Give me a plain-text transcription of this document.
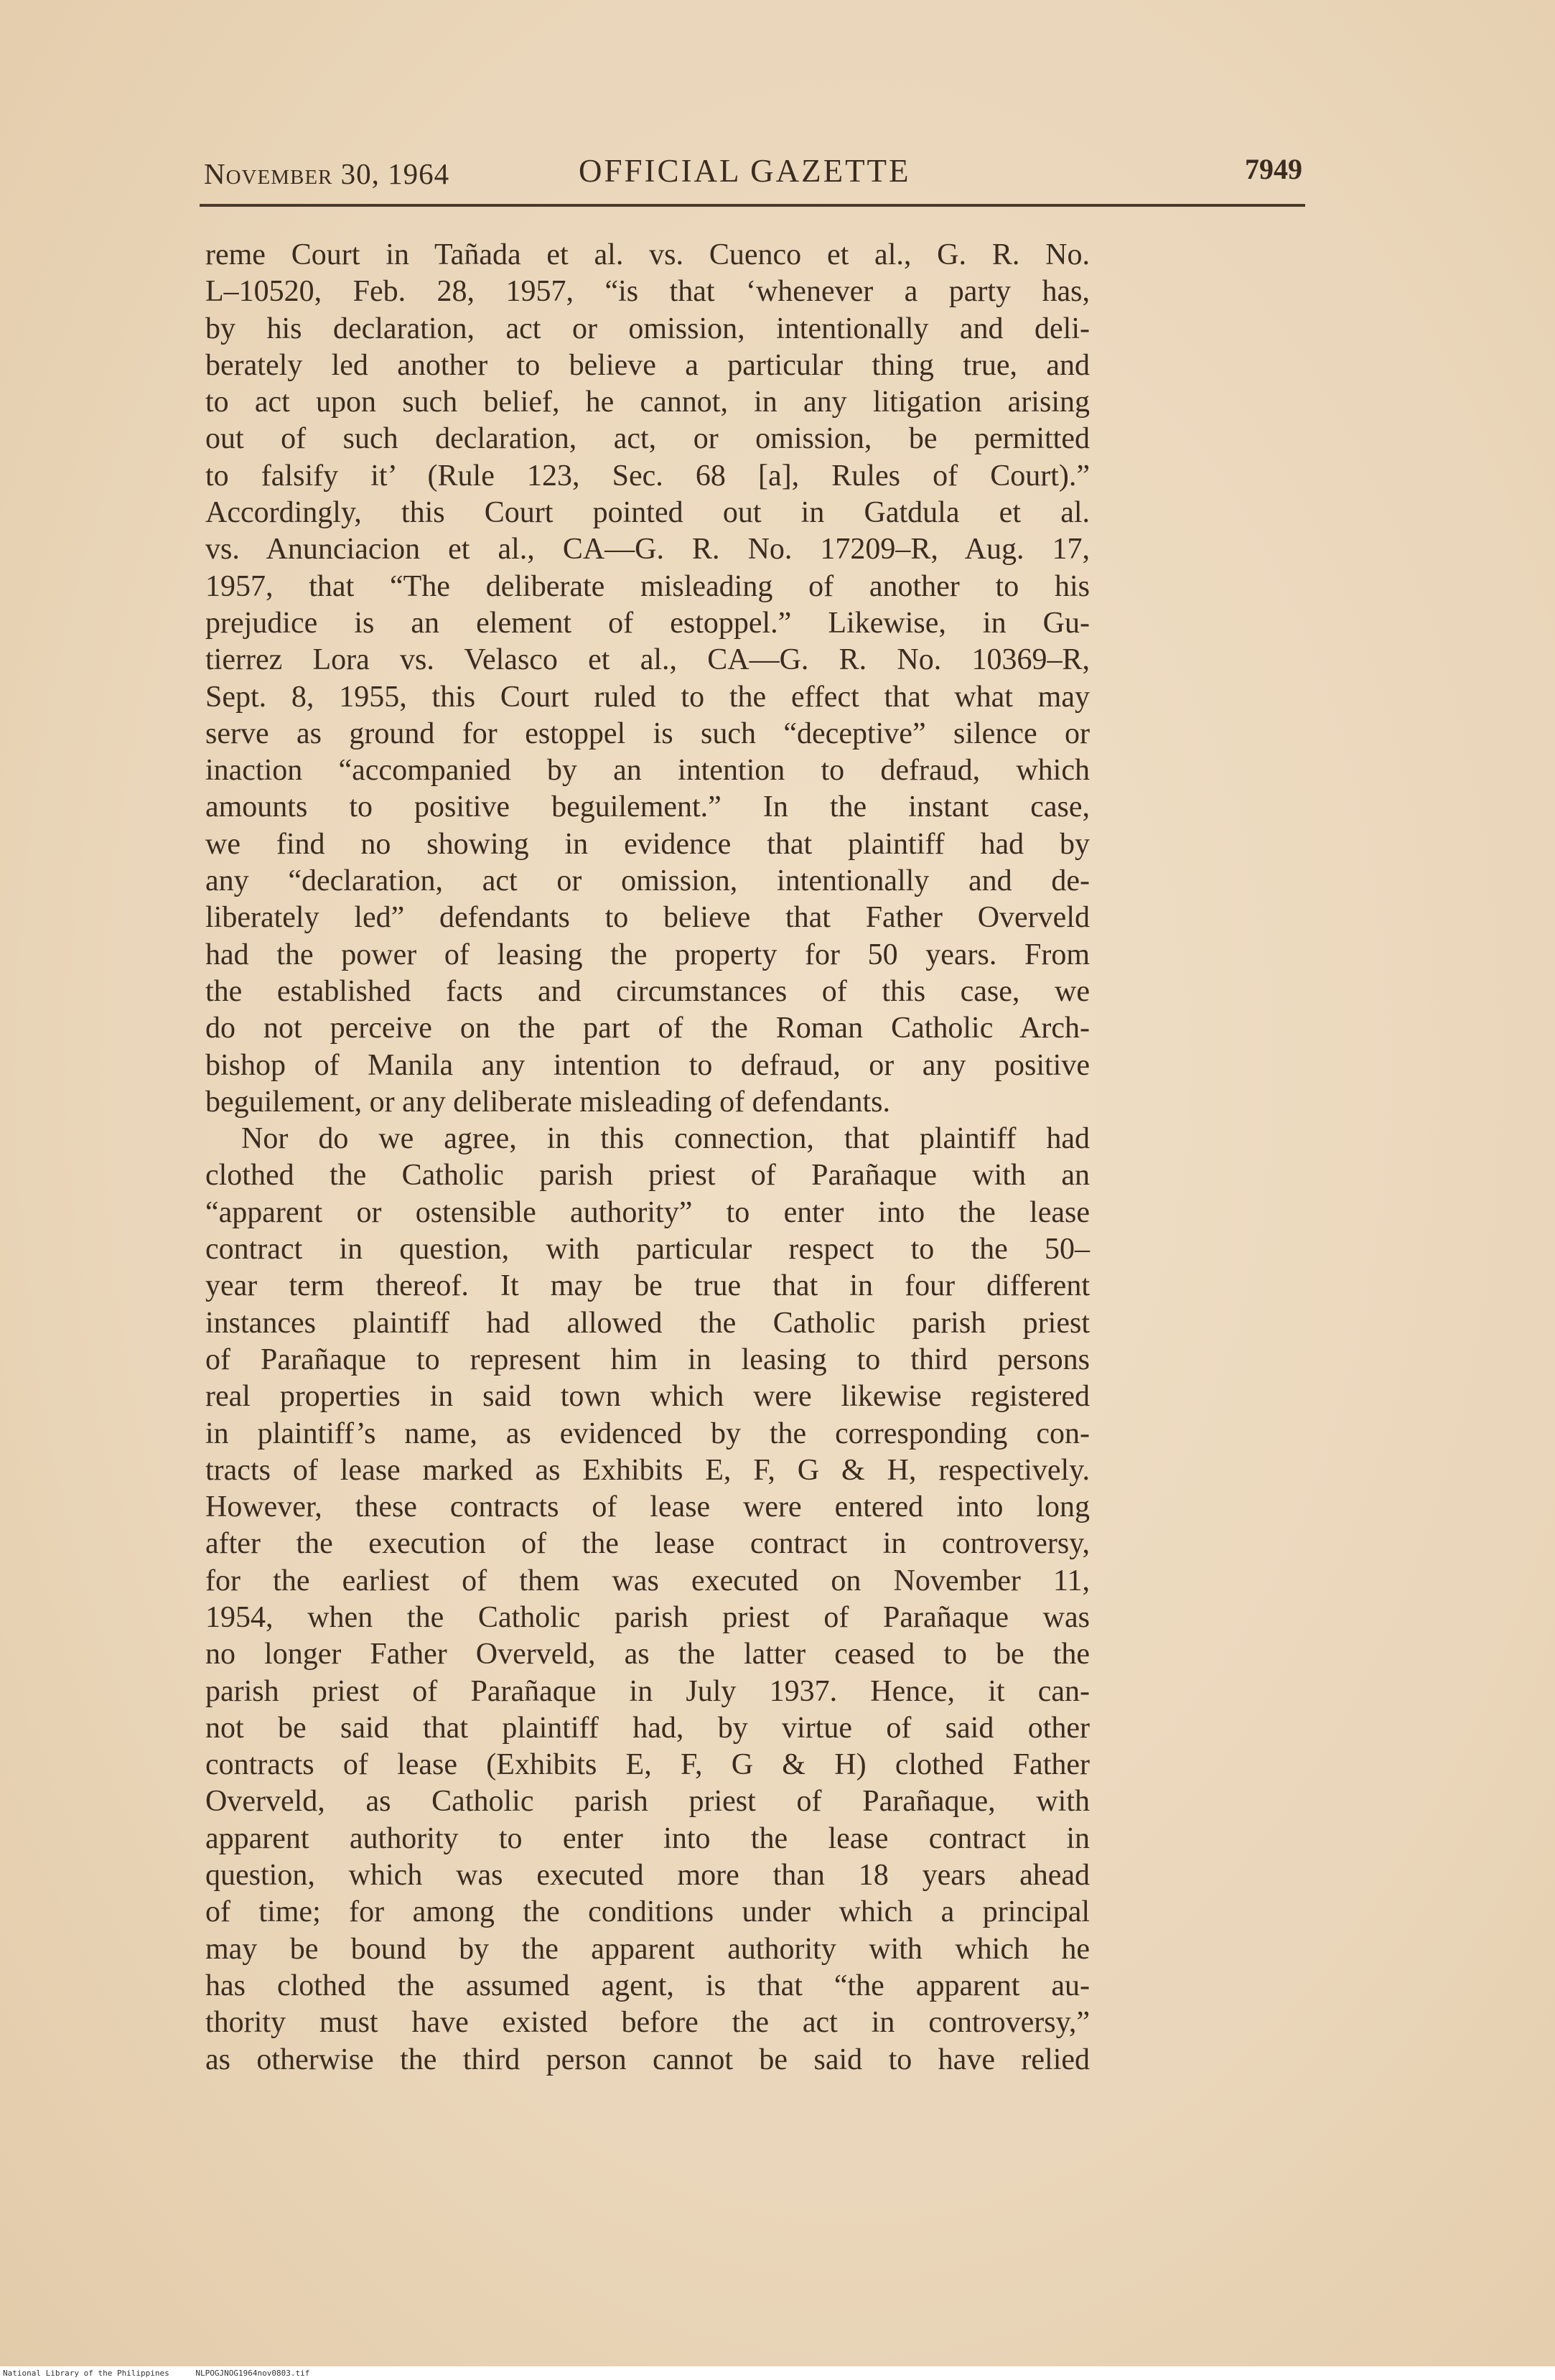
November 30, 1964	OFFICIAL GAZETTE	7949
reme Court in Tañada et al. vs. Cuenco et al., G. R. No.
L–10520, Feb. 28, 1957, “is that ‘whenever a party has,
by his declaration, act or omission, intentionally and deli-
berately led another to believe a particular thing true, and
to act upon such belief, he cannot, in any litigation arising
out of such declaration, act, or omission, be permitted
to falsify it’ (Rule 123, Sec. 68 [a], Rules of Court).”
Accordingly, this Court pointed out in Gatdula et al.
vs. Anunciacion et al., CA—G. R. No. 17209–R, Aug. 17,
1957, that “The deliberate misleading of another to his
prejudice is an element of estoppel.” Likewise, in Gu-
tierrez Lora vs. Velasco et al., CA—G. R. No. 10369–R,
Sept. 8, 1955, this Court ruled to the effect that what may
serve as ground for estoppel is such “deceptive” silence or
inaction “accompanied by an intention to defraud, which
amounts to positive beguilement.” In the instant case,
we find no showing in evidence that plaintiff had by
any “declaration, act or omission, intentionally and de-
liberately led” defendants to believe that Father Overveld
had the power of leasing the property for 50 years. From
the established facts and circumstances of this case, we
do not perceive on the part of the Roman Catholic Arch-
bishop of Manila any intention to defraud, or any positive
beguilement, or any deliberate misleading of defendants.
Nor do we agree, in this connection, that plaintiff had
clothed the Catholic parish priest of Parañaque with an
“apparent or ostensible authority” to enter into the lease
contract in question, with particular respect to the 50–
year term thereof. It may be true that in four different
instances plaintiff had allowed the Catholic parish priest
of Parañaque to represent him in leasing to third persons
real properties in said town which were likewise registered
in plaintiff’s name, as evidenced by the corresponding con-
tracts of lease marked as Exhibits E, F, G & H, respectively.
However, these contracts of lease were entered into long
after the execution of the lease contract in controversy,
for the earliest of them was executed on November 11,
1954, when the Catholic parish priest of Parañaque was
no longer Father Overveld, as the latter ceased to be the
parish priest of Parañaque in July 1937. Hence, it can-
not be said that plaintiff had, by virtue of said other
contracts of lease (Exhibits E, F, G & H) clothed Father
Overveld, as Catholic parish priest of Parañaque, with
apparent authority to enter into the lease contract in
question, which was executed more than 18 years ahead
of time; for among the conditions under which a principal
may be bound by the apparent authority with which he
has clothed the assumed agent, is that “the apparent au-
thority must have existed before the act in controversy,”
as otherwise the third person cannot be said to have relied
National Library of the Philippines	NLPOGJNOG1964nov0803.tif
